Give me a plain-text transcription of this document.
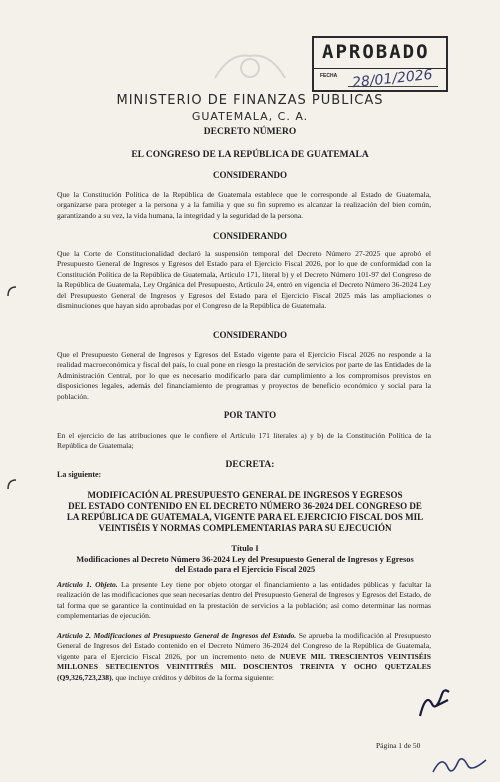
APROBADO
FECHA 28/01/2026
MINISTERIO DE FINANZAS PUBLICAS
GUATEMALA, C. A.
DECRETO NÚMERO
EL CONGRESO DE LA REPÚBLICA DE GUATEMALA
CONSIDERANDO
Que la Constitución Política de la República de Guatemala establece que le corresponde al Estado de Guatemala, organizarse para proteger a la persona y a la familia y que su fin supremo es alcanzar la realización del bien común, garantizando a su vez, la vida humana, la integridad y la seguridad de la persona.
CONSIDERANDO
Que la Corte de Constitucionalidad declaró la suspensión temporal del Decreto Número 27-2025 que aprobó el Presupuesto General de Ingresos y Egresos del Estado para el Ejercicio Fiscal 2026, por lo que de conformidad con la Constitución Política de la República de Guatemala, Artículo 171, literal b) y el Decreto Número 101-97 del Congreso de la República de Guatemala, Ley Orgánica del Presupuesto, Artículo 24, entró en vigencia el Decreto Número 36-2024 Ley del Presupuesto General de Ingresos y Egresos del Estado para el Ejercicio Fiscal 2025 más las ampliaciones o disminuciones que hayan sido aprobadas por el Congreso de la República de Guatemala.
CONSIDERANDO
Que el Presupuesto General de Ingresos y Egresos del Estado vigente para el Ejercicio Fiscal 2026 no responde a la realidad macroeconómica y fiscal del país, lo cual pone en riesgo la prestación de servicios por parte de las Entidades de la Administración Central, por lo que es necesario modificarlo para dar cumplimiento a los compromisos previstos en disposiciones legales, además del financiamiento de programas y proyectos de beneficio económico y social para la población.
POR TANTO
En el ejercicio de las atribuciones que le confiere el Artículo 171 literales a) y b) de la Constitución Política de la República de Guatemala;
DECRETA:
La siguiente:
MODIFICACIÓN AL PRESUPUESTO GENERAL DE INGRESOS Y EGRESOS
DEL ESTADO CONTENIDO EN EL DECRETO NÚMERO 36-2024 DEL CONGRESO DE
LA REPÚBLICA DE GUATEMALA, VIGENTE PARA EL EJERCICIO FISCAL DOS MIL
VEINTISÉIS Y NORMAS COMPLEMENTARIAS PARA SU EJECUCIÓN
Título I
Modificaciones al Decreto Número 36-2024 Ley del Presupuesto General de Ingresos y Egresos
del Estado para el Ejercicio Fiscal 2025
Artículo 1. Objeto. La presente Ley tiene por objeto otorgar el financiamiento a las entidades públicas y facultar la realización de las modificaciones que sean necesarias dentro del Presupuesto General de Ingresos y Egresos del Estado, de tal forma que se garantice la continuidad en la prestación de servicios a la población; así como determinar las normas complementarias de ejecución.
Artículo 2. Modificaciones al Presupuesto General de Ingresos del Estado. Se aprueba la modificación al Presupuesto General de Ingresos del Estado contenido en el Decreto Número 36-2024 del Congreso de la República de Guatemala, vigente para el Ejercicio Fiscal 2026, por un incremento neto de NUEVE MIL TRESCIENTOS VEINTISÉIS MILLONES SETECIENTOS VEINTITRÉS MIL DOSCIENTOS TREINTA Y OCHO QUETZALES (Q9,326,723,238), que incluye créditos y débitos de la forma siguiente:
Página 1 de 50
